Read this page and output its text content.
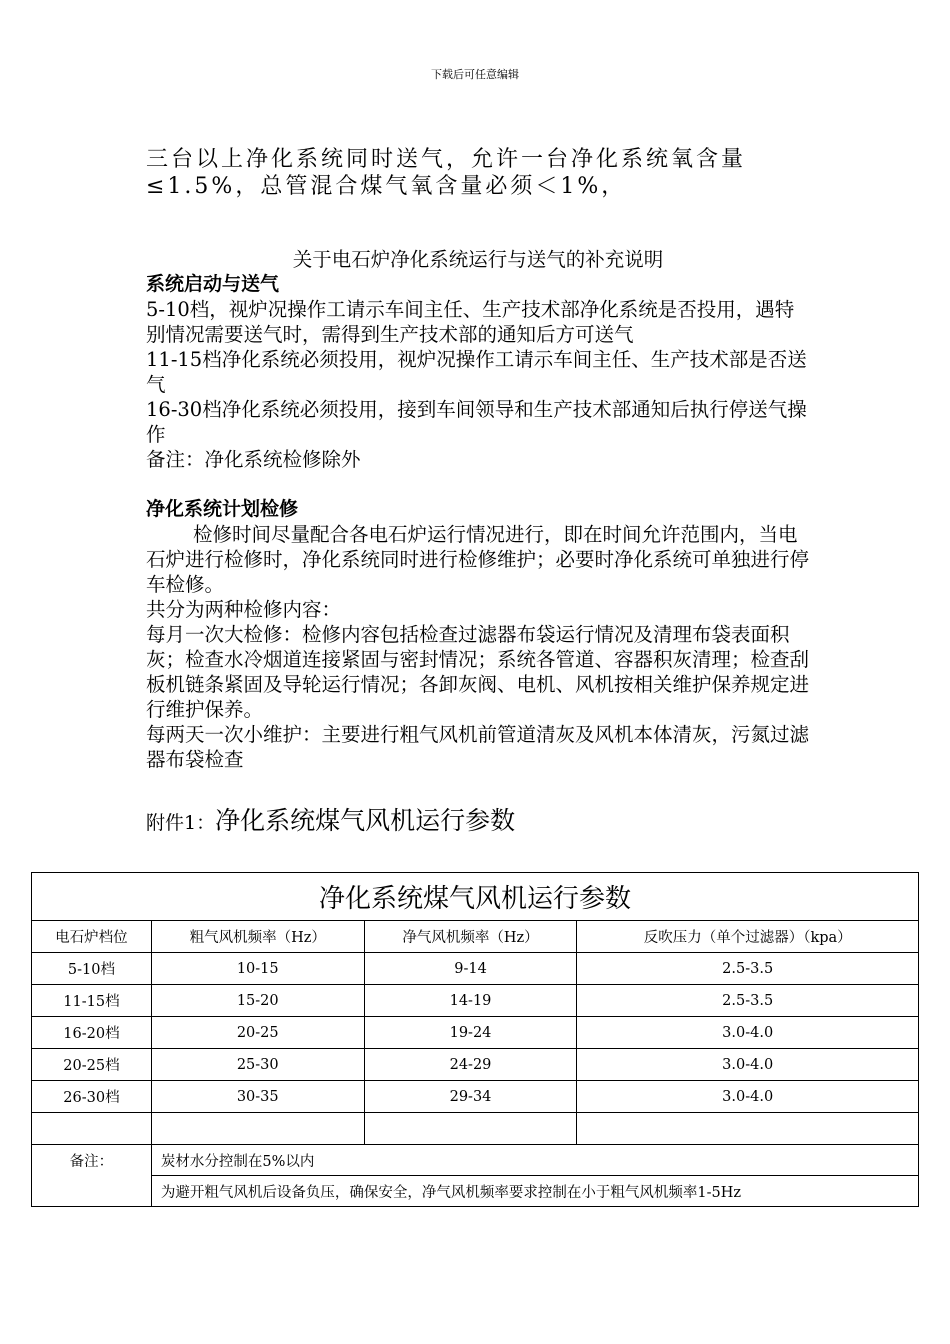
下载后可任意编辑
三台以上净化系统同时送气，允许一台净化系统氧含量≤1.5%，总管混合煤气氧含量必须＜1%，

关于电石炉净化系统运行与送气的补充说明

系统启动与送气

5-10档，视炉况操作工请示车间主任、生产技术部净化系统是否投用，遇特别情况需要送气时，需得到生产技术部的通知后方可送气

11-15档净化系统必须投用，视炉况操作工请示车间主任、生产技术部是否送气

16-30档净化系统必须投用，接到车间领导和生产技术部通知后执行停送气操作

备注：净化系统检修除外

净化系统计划检修

检修时间尽量配合各电石炉运行情况进行，即在时间允许范围内，当电石炉进行检修时，净化系统同时进行检修维护；必要时净化系统可单独进行停车检修。

共分为两种检修内容：

每月一次大检修：检修内容包括检查过滤器布袋运行情况及清理布袋表面积灰；检查水冷烟道连接紧固与密封情况；系统各管道、容器积灰清理；检查刮板机链条紧固及导轮运行情况；各卸灰阀、电机、风机按相关维护保养规定进行维护保养。

每两天一次小维护：主要进行粗气风机前管道清灰及风机本体清灰，污氮过滤器布袋检查

附件1：净化系统煤气风机运行参数
净化系统煤气风机运行参数			
电石炉档位	粗气风机频率（Hz）	净气风机频率（Hz）	反吹压力（单个过滤器）（kpa）
5-10档	10-15	9-14	2.5-3.5
11-15档	15-20	14-19	2.5-3.5
16-20档	20-25	19-24	3.0-4.0
20-25档	25-30	24-29	3.0-4.0
26-30档	30-35	29-34	3.0-4.0

备注：	炭材水分控制在5%以内		
	为避开粗气风机后设备负压，确保安全，净气风机频率要求控制在小于粗气风机频率1-5Hz		
